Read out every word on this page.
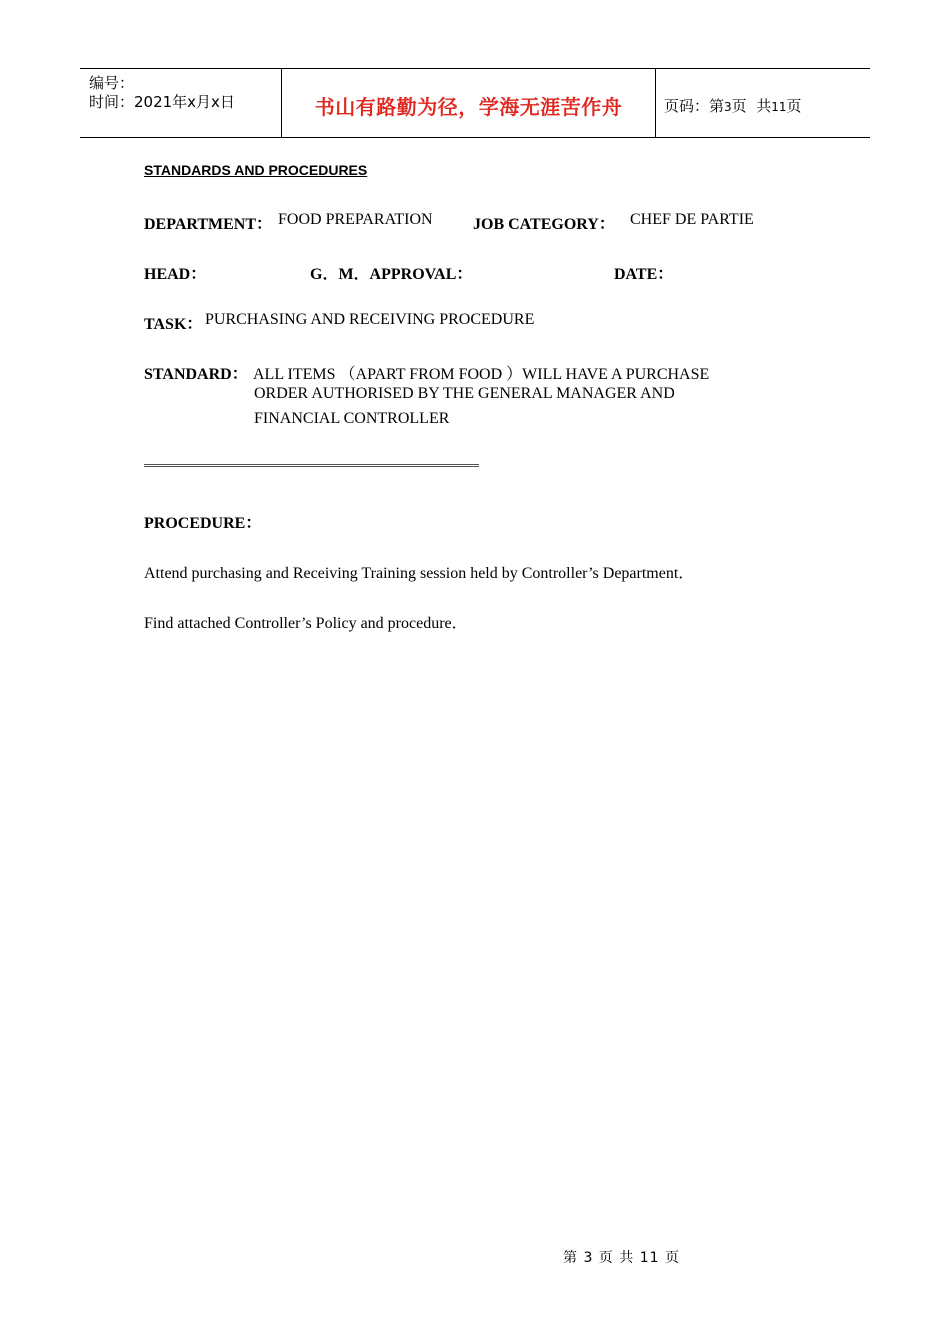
编号：
时间：2021年x月x日	书山有路勤为径，学海无涯苦作舟	页码：第3页  共11页
STANDARDS AND PROCEDURES
DEPARTMENT： FOOD PREPARATION	JOB CATEGORY： CHEF DE PARTIE
HEAD：	G．M．APPROVAL：	DATE：
TASK： PURCHASING AND RECEIVING PROCEDURE
STANDARD： ALL ITEMS （APART FROM FOOD ）WILL HAVE A PURCHASE
ORDER AUTHORISED BY THE GENERAL MANAGER AND
FINANCIAL CONTROLLER
PROCEDURE：
Attend purchasing and Receiving Training session held by Controller’s Department．
Find attached Controller’s Policy and procedure．
第 3 页 共 11 页
